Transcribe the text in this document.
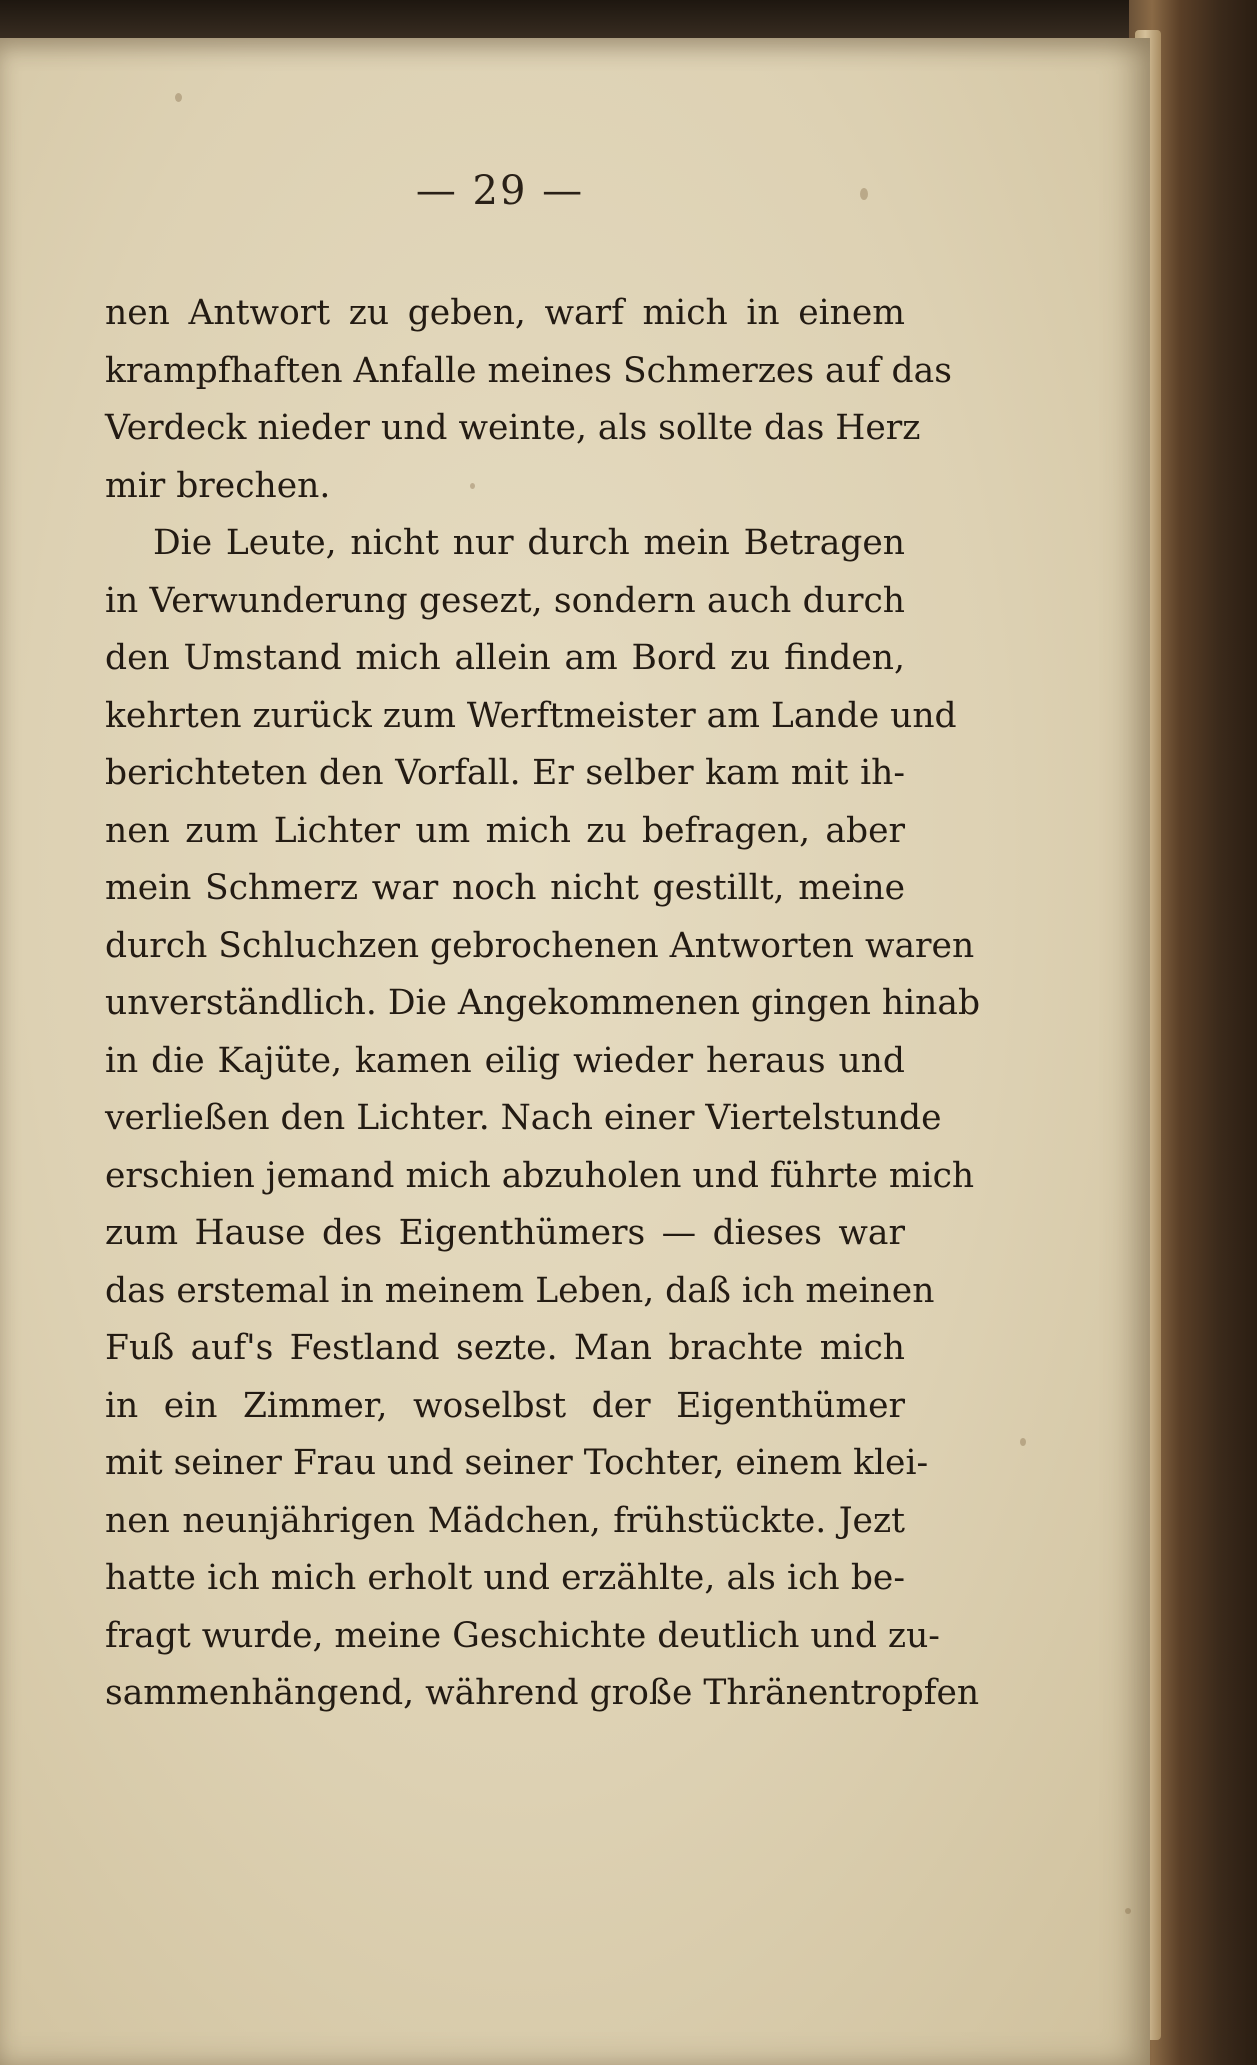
— 29 —
nen Antwort zu geben, warf mich in einem
krampfhaften Anfalle meines Schmerzes auf das
Verdeck nieder und weinte, als sollte das Herz
mir brechen.
Die Leute, nicht nur durch mein Betragen
in Verwunderung gesezt, sondern auch durch
den Umstand mich allein am Bord zu finden,
kehrten zurück zum Werftmeister am Lande und
berichteten den Vorfall. Er selber kam mit ih-
nen zum Lichter um mich zu befragen, aber
mein Schmerz war noch nicht gestillt, meine
durch Schluchzen gebrochenen Antworten waren
unverständlich. Die Angekommenen gingen hinab
in die Kajüte, kamen eilig wieder heraus und
verließen den Lichter. Nach einer Viertelstunde
erschien jemand mich abzuholen und führte mich
zum Hause des Eigenthümers — dieses war
das erstemal in meinem Leben, daß ich meinen
Fuß auf's Festland sezte. Man brachte mich
in ein Zimmer, woselbst der Eigenthümer
mit seiner Frau und seiner Tochter, einem klei-
nen neunjährigen Mädchen, frühstückte. Jezt
hatte ich mich erholt und erzählte, als ich be-
fragt wurde, meine Geschichte deutlich und zu-
sammenhängend, während große Thränentropfen
